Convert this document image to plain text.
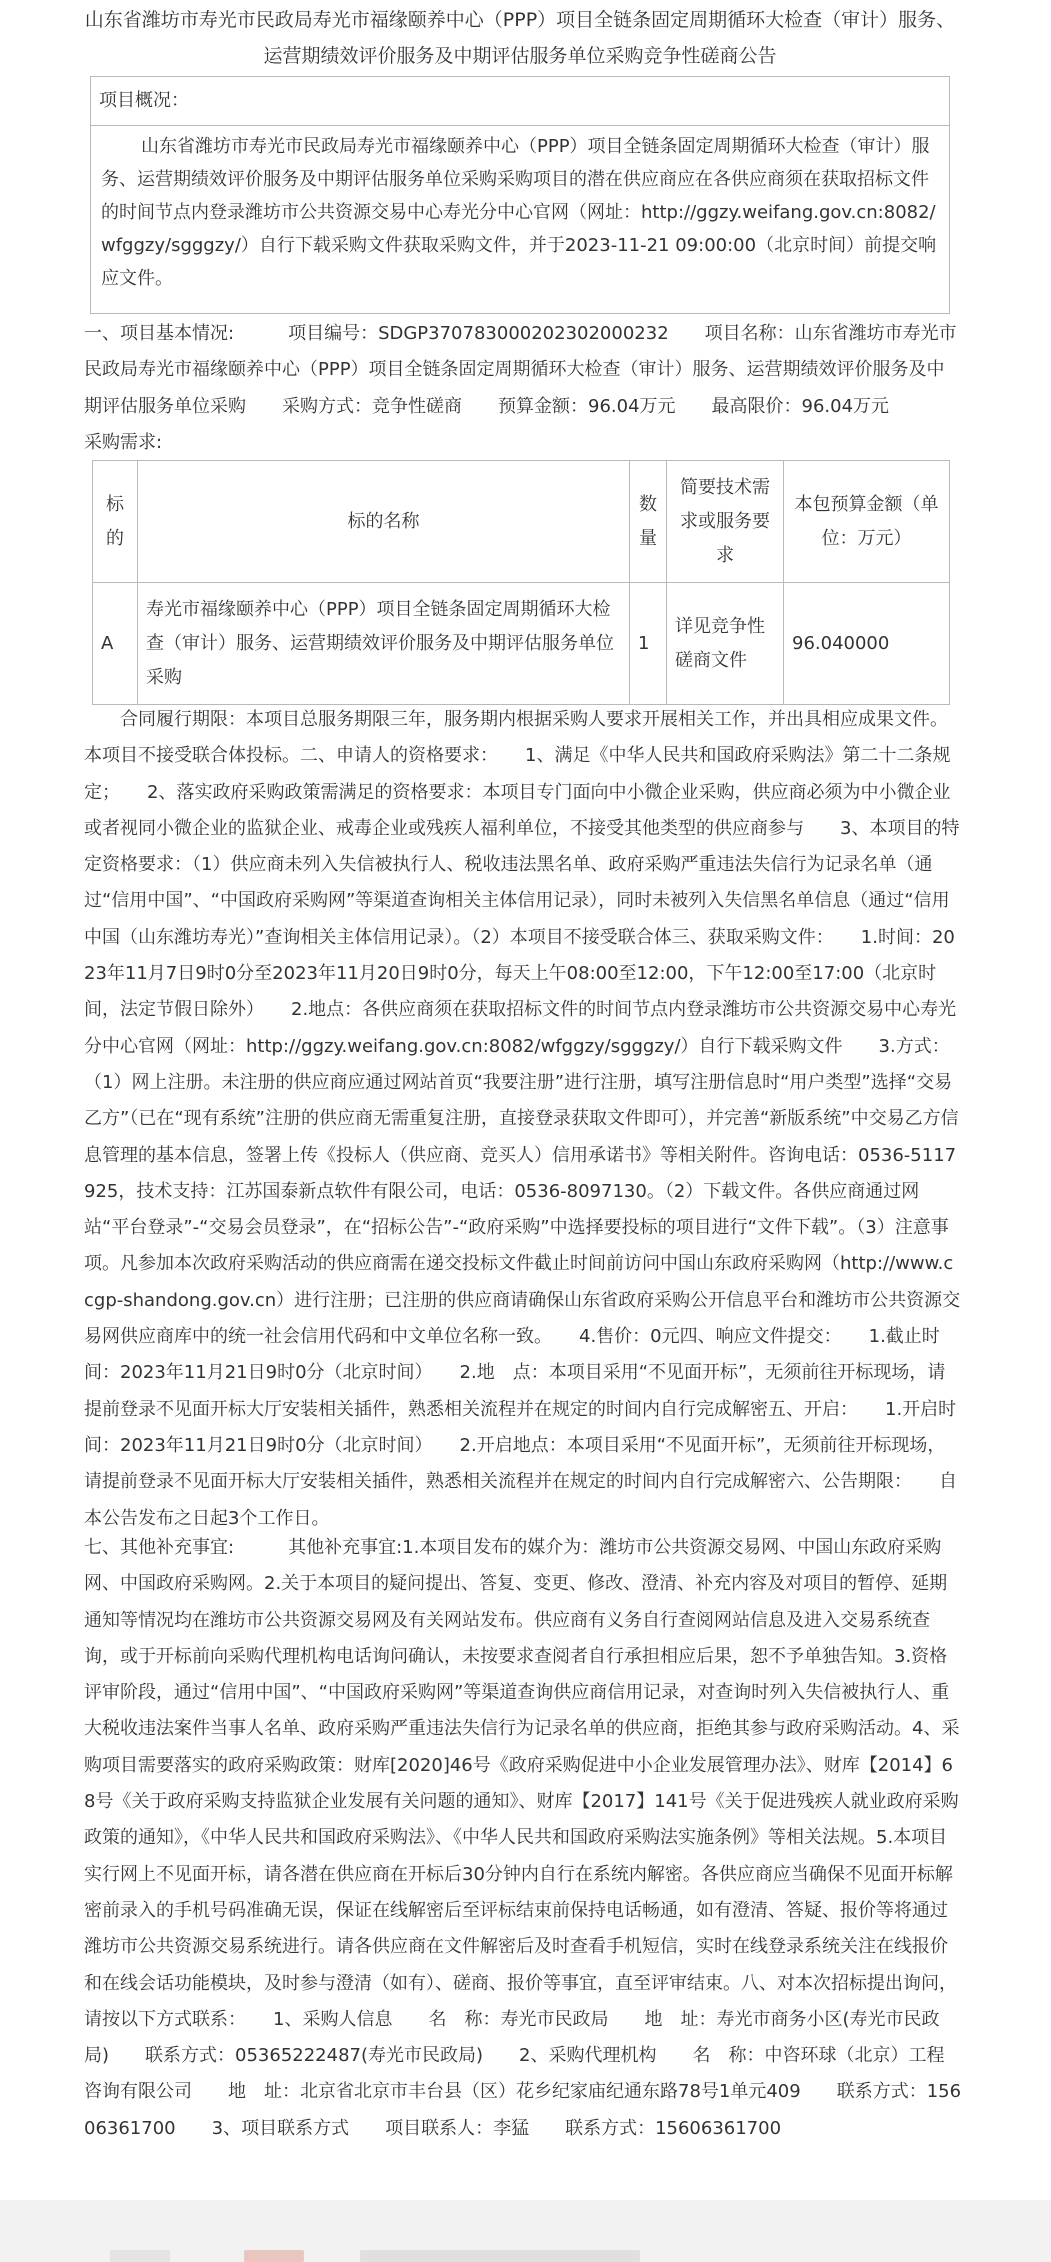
山东省潍坊市寿光市民政局寿光市福缘颐养中心（PPP）项目全链条固定周期循环大检查（审计）服务、运营期绩效评价服务及中期评估服务单位采购竞争性磋商公告
项目概况：
山东省潍坊市寿光市民政局寿光市福缘颐养中心（PPP）项目全链条固定周期循环大检查（审计）服务、运营期绩效评价服务及中期评估服务单位采购采购项目的潜在供应商应在各供应商须在获取招标文件的时间节点内登录潍坊市公共资源交易中心寿光分中心官网（网址：http://ggzy.weifang.gov.cn:8082/wfggzy/sgggzy/）自行下载采购文件获取采购文件，并于2023-11-21 09:00:00（北京时间）前提交响应文件。
一、项目基本情况:　　　项目编号：SDGP370783000202302000232　　项目名称：山东省潍坊市寿光市民政局寿光市福缘颐养中心（PPP）项目全链条固定周期循环大检查（审计）服务、运营期绩效评价服务及中期评估服务单位采购　　采购方式：竞争性磋商　　预算金额：96.04万元　　最高限价：96.04万元　　　　采购需求:
标的	标的名称	数量	简要技术需求或服务要求	本包预算金额（单位：万元）
A	寿光市福缘颐养中心（PPP）项目全链条固定周期循环大检查（审计）服务、运营期绩效评价服务及中期评估服务单位采购	1	详见竞争性磋商文件	96.040000
　　合同履行期限：本项目总服务期限三年，服务期内根据采购人要求开展相关工作，并出具相应成果文件。　　本项目不接受联合体投标。二、申请人的资格要求：　　1、满足《中华人民共和国政府采购法》第二十二条规定；　　2、落实政府采购政策需满足的资格要求：本项目专门面向中小微企业采购，供应商必须为中小微企业或者视同小微企业的监狱企业、戒毒企业或残疾人福利单位，不接受其他类型的供应商参与　　3、本项目的特定资格要求：（1）供应商未列入失信被执行人、税收违法黑名单、政府采购严重违法失信行为记录名单（通过“信用中国”、“中国政府采购网”等渠道查询相关主体信用记录），同时未被列入失信黑名单信息（通过“信用中国（山东潍坊寿光）”查询相关主体信用记录）。（2）本项目不接受联合体三、获取采购文件：　　1.时间：2023年11月7日9时0分至2023年11月20日9时0分，每天上午08:00至12:00，下午12:00至17:00（北京时间，法定节假日除外）　　2.地点：各供应商须在获取招标文件的时间节点内登录潍坊市公共资源交易中心寿光分中心官网（网址：http://ggzy.weifang.gov.cn:8082/wfggzy/sgggzy/）自行下载采购文件　　3.方式：（1）网上注册。未注册的供应商应通过网站首页“我要注册”进行注册，填写注册信息时“用户类型”选择“交易乙方”（已在“现有系统”注册的供应商无需重复注册，直接登录获取文件即可），并完善“新版系统”中交易乙方信息管理的基本信息，签署上传《投标人（供应商、竞买人）信用承诺书》等相关附件。咨询电话：0536-5117925，技术支持：江苏国泰新点软件有限公司，电话：0536-8097130。（2）下载文件。各供应商通过网站“平台登录”-“交易会员登录”，在“招标公告”-“政府采购”中选择要投标的项目进行“文件下载”。（3）注意事项。凡参加本次政府采购活动的供应商需在递交投标文件截止时间前访问中国山东政府采购网（http://www.ccgp-shandong.gov.cn）进行注册；已注册的供应商请确保山东省政府采购公开信息平台和潍坊市公共资源交易网供应商库中的统一社会信用代码和中文单位名称一致。　　4.售价：0元四、响应文件提交：　　1.截止时间：2023年11月21日9时0分（北京时间）　　2.地　点：本项目采用“不见面开标”，无须前往开标现场，请提前登录不见面开标大厅安装相关插件，熟悉相关流程并在规定的时间内自行完成解密五、开启：　　1.开启时间：2023年11月21日9时0分（北京时间）　　2.开启地点：本项目采用“不见面开标”，无须前往开标现场，请提前登录不见面开标大厅安装相关插件，熟悉相关流程并在规定的时间内自行完成解密六、公告期限：　　自本公告发布之日起3个工作日。
七、其他补充事宜:　　　其他补充事宜:1.本项目发布的媒介为：潍坊市公共资源交易网、中国山东政府采购网、中国政府采购网。2.关于本项目的疑问提出、答复、变更、修改、澄清、补充内容及对项目的暂停、延期通知等情况均在潍坊市公共资源交易网及有关网站发布。供应商有义务自行查阅网站信息及进入交易系统查询，或于开标前向采购代理机构电话询问确认，未按要求查阅者自行承担相应后果，恕不予单独告知。3.资格评审阶段，通过“信用中国”、“中国政府采购网”等渠道查询供应商信用记录，对查询时列入失信被执行人、重大税收违法案件当事人名单、政府采购严重违法失信行为记录名单的供应商，拒绝其参与政府采购活动。4、采购项目需要落实的政府采购政策：财库[2020]46号《政府采购促进中小企业发展管理办法》、财库【2014】68号《关于政府采购支持监狱企业发展有关问题的通知》、财库【2017】141号《关于促进残疾人就业政府采购政策的通知》，《中华人民共和国政府采购法》、《中华人民共和国政府采购法实施条例》等相关法规。5.本项目实行网上不见面开标，请各潜在供应商在开标后30分钟内自行在系统内解密。各供应商应当确保不见面开标解密前录入的手机号码准确无误，保证在线解密后至评标结束前保持电话畅通，如有澄清、答疑、报价等将通过潍坊市公共资源交易系统进行。请各供应商在文件解密后及时查看手机短信，实时在线登录系统关注在线报价和在线会话功能模块，及时参与澄清（如有）、磋商、报价等事宜，直至评审结束。八、对本次招标提出询问，请按以下方式联系：　　1、采购人信息　　名　称：寿光市民政局　　地　址：寿光市商务小区(寿光市民政局)　　联系方式：05365222487(寿光市民政局)　　2、采购代理机构　　名　称：中咨环球（北京）工程咨询有限公司　　地　址：北京省北京市丰台县（区）花乡纪家庙纪通东路78号1单元409　　联系方式：15606361700　　3、项目联系方式　　项目联系人：李猛　　联系方式：15606361700
